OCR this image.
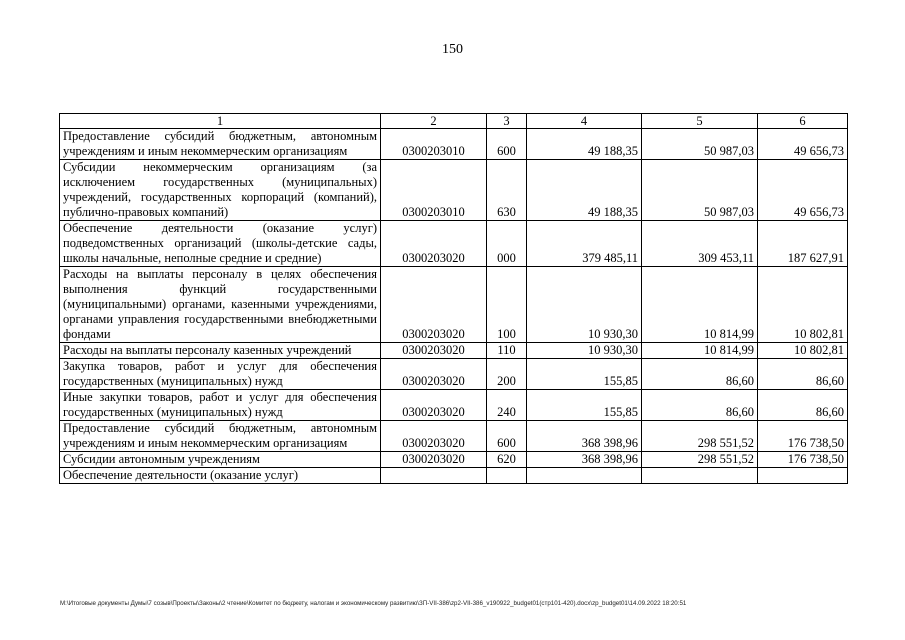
150
1	2	3	4	5	6
Предоставление субсидий бюджетным, автономным учреждениям и иным некоммерческим организациям	0300203010	600	49 188,35	50 987,03	49 656,73
Субсидии некоммерческим организациям (за исключением государственных (муниципальных) учреждений, государственных корпораций (компаний), публично-правовых компаний)	0300203010	630	49 188,35	50 987,03	49 656,73
Обеспечение деятельности (оказание услуг) подведомственных организаций (школы-детские сады, школы начальные, неполные средние и средние)	0300203020	000	379 485,11	309 453,11	187 627,91
Расходы на выплаты персоналу в целях обеспечения выполнения функций государственными (муниципальными) органами, казенными учреждениями, органами управления государственными внебюджетными фондами	0300203020	100	10 930,30	10 814,99	10 802,81
Расходы на выплаты персоналу казенных учреждений	0300203020	110	10 930,30	10 814,99	10 802,81
Закупка товаров, работ и услуг для обеспечения государственных (муниципальных) нужд	0300203020	200	155,85	86,60	86,60
Иные закупки товаров, работ и услуг для обеспечения государственных (муниципальных) нужд	0300203020	240	155,85	86,60	86,60
Предоставление субсидий бюджетным, автономным учреждениям и иным некоммерческим организациям	0300203020	600	368 398,96	298 551,52	176 738,50
Субсидии автономным учреждениям	0300203020	620	368 398,96	298 551,52	176 738,50
Обеспечение деятельности (оказание услуг)					
M:\Итоговые документы Думы\7 созыв\Проекты\Законы\2 чтение\Комитет по бюджету, налогам и экономическому развитию\ЗП-VII-386\zp2-VII-386_v190922_budget01(стр101-420).docx\zp_budget01\14.09.2022 18:20:51
